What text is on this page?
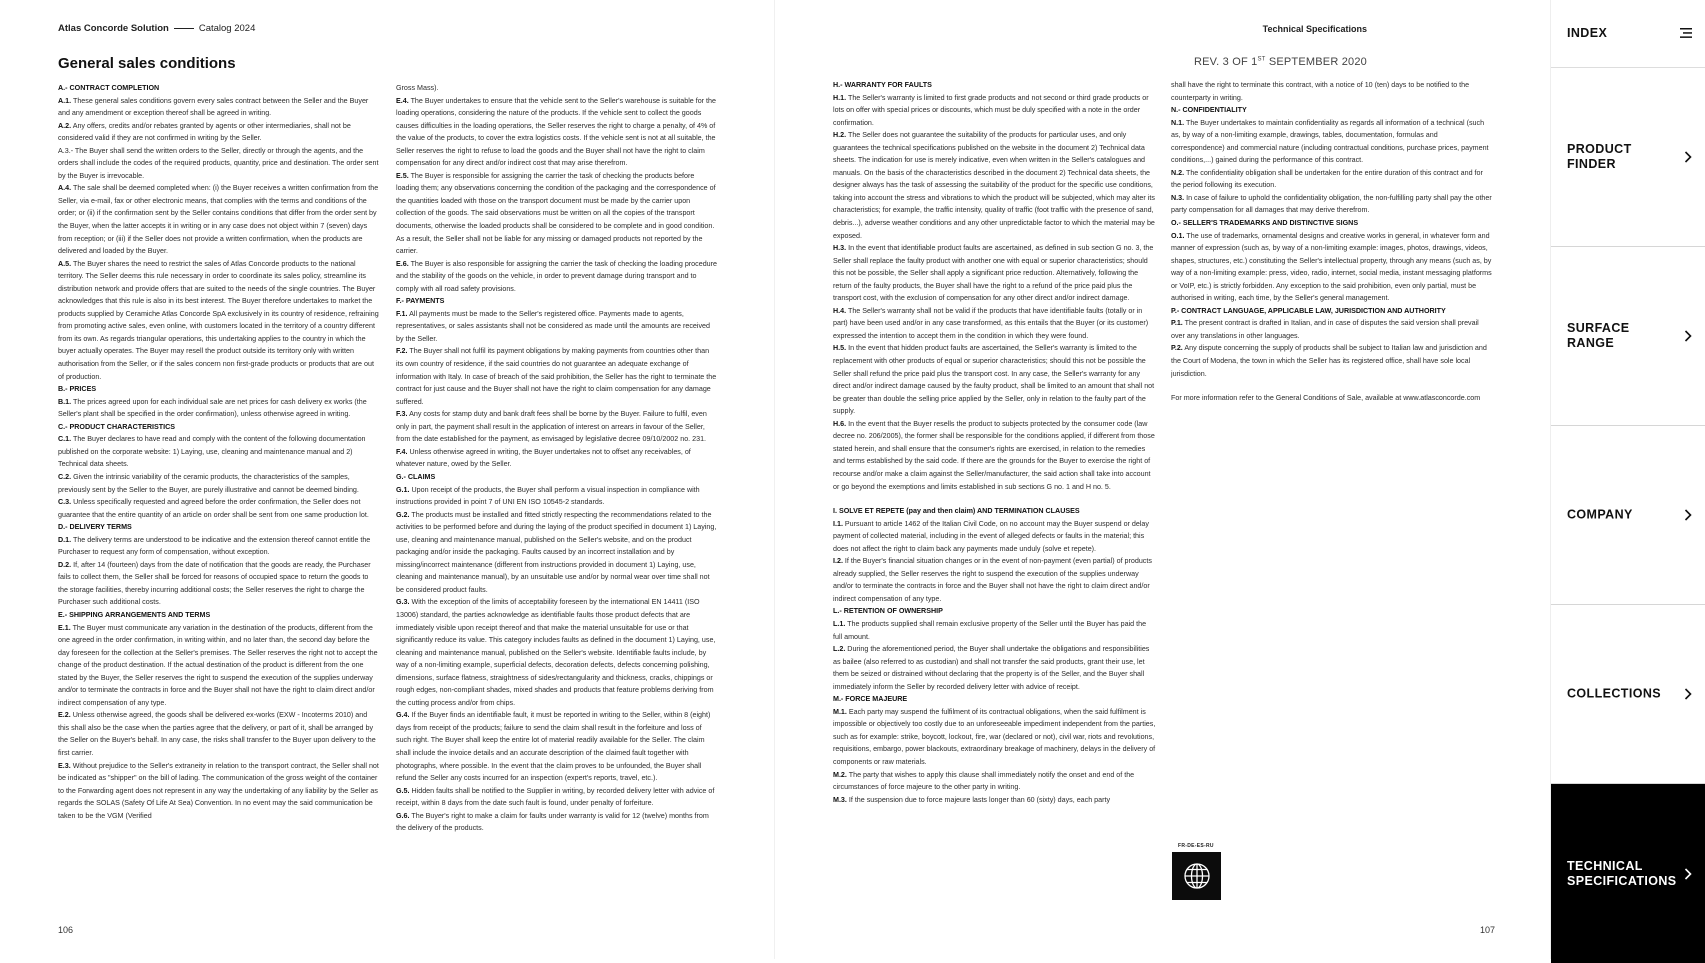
Atlas Concorde Solution	Catalog 2024
General sales conditions
A.- CONTRACT COMPLETION

A.1. These general sales conditions govern every sales contract between the Seller and the Buyer and any amendment or exception thereof shall be agreed in writing.

A.2. Any offers, credits and/or rebates granted by agents or other intermediaries, shall not be considered valid if they are not confirmed in writing by the Seller.

A.3.- The Buyer shall send the written orders to the Seller, directly or through the agents, and the orders shall include the codes of the required products, quantity, price and destination. The order sent by the Buyer is irrevocable.

A.4. The sale shall be deemed completed when: (i) the Buyer receives a written confirmation from the Seller, via e-mail, fax or other electronic means, that complies with the terms and conditions of the order; or (ii) if the confirmation sent by the Seller contains conditions that differ from the order sent by the Buyer, when the latter accepts it in writing or in any case does not object within 7 (seven) days from reception; or (iii) if the Seller does not provide a written confirmation, when the products are delivered and loaded by the Buyer.

A.5. The Buyer shares the need to restrict the sales of Atlas Concorde products to the national territory. The Seller deems this rule necessary in order to coordinate its sales policy, streamline its distribution network and provide offers that are suited to the needs of the single countries. The Buyer acknowledges that this rule is also in its best interest. The Buyer therefore undertakes to market the products supplied by Ceramiche Atlas Concorde SpA exclusively in its country of residence, refraining from promoting active sales, even online, with customers located in the territory of a country different from its own. As regards triangular operations, this undertaking applies to the country in which the buyer actually operates. The Buyer may resell the product outside its territory only with written authorisation from the Seller, or if the sales concern non first-grade products or products that are out of production.

B.- PRICES

B.1. The prices agreed upon for each individual sale are net prices for cash delivery ex works (the Seller's plant shall be specified in the order confirmation), unless otherwise agreed in writing.

C.- PRODUCT CHARACTERISTICS

C.1. The Buyer declares to have read and comply with the content of the following documentation published on the corporate website: 1) Laying, use, cleaning and maintenance manual and 2) Technical data sheets.

C.2. Given the intrinsic variability of the ceramic products, the characteristics of the samples, previously sent by the Seller to the Buyer, are purely illustrative and cannot be deemed binding.

C.3. Unless specifically requested and agreed before the order confirmation, the Seller does not guarantee that the entire quantity of an article on order shall be sent from one same production lot.

D.- DELIVERY TERMS

D.1. The delivery terms are understood to be indicative and the extension thereof cannot entitle the Purchaser to request any form of compensation, without exception.

D.2. If, after 14 (fourteen) days from the date of notification that the goods are ready, the Purchaser fails to collect them, the Seller shall be forced for reasons of occupied space to return the goods to the storage facilities, thereby incurring additional costs; the Seller reserves the right to charge the Purchaser such additional costs.

E.- SHIPPING ARRANGEMENTS AND TERMS

E.1. The Buyer must communicate any variation in the destination of the products, different from the one agreed in the order confirmation, in writing within, and no later than, the second day before the day foreseen for the collection at the Seller's premises. The Seller reserves the right not to accept the change of the product destination. If the actual destination of the product is different from the one stated by the Buyer, the Seller reserves the right to suspend the execution of the supplies underway and/or to terminate the contracts in force and the Buyer shall not have the right to claim direct and/or indirect compensation of any type.

E.2. Unless otherwise agreed, the goods shall be delivered ex-works (EXW - Incoterms 2010) and this shall also be the case when the parties agree that the delivery, or part of it, shall be arranged by the Seller on the Buyer's behalf. In any case, the risks shall transfer to the Buyer upon delivery to the first carrier.

E.3. Without prejudice to the Seller's extraneity in relation to the transport contract, the Seller shall not be indicated as "shipper" on the bill of lading. The communication of the gross weight of the container to the Forwarding agent does not represent in any way the undertaking of any liability by the Seller as regards the SOLAS (Safety Of Life At Sea) Convention. In no event may the said communication be taken to be the VGM (Verified

Gross Mass).

E.4. The Buyer undertakes to ensure that the vehicle sent to the Seller's warehouse is suitable for the loading operations, considering the nature of the products. If the vehicle sent to collect the goods causes difficulties in the loading operations, the Seller reserves the right to charge a penalty, of 4% of the value of the products, to cover the extra logistics costs. If the vehicle sent is not at all suitable, the Seller reserves the right to refuse to load the goods and the Buyer shall not have the right to claim compensation for any direct and/or indirect cost that may arise therefrom.

E.5. The Buyer is responsible for assigning the carrier the task of checking the products before loading them; any observations concerning the condition of the packaging and the correspondence of the quantities loaded with those on the transport document must be made by the carrier upon collection of the goods. The said observations must be written on all the copies of the transport documents, otherwise the loaded products shall be considered to be complete and in good condition. As a result, the Seller shall not be liable for any missing or damaged products not reported by the carrier.

E.6. The Buyer is also responsible for assigning the carrier the task of checking the loading procedure and the stability of the goods on the vehicle, in order to prevent damage during transport and to comply with all road safety provisions.

F.- PAYMENTS

F.1. All payments must be made to the Seller's registered office. Payments made to agents, representatives, or sales assistants shall not be considered as made until the amounts are received by the Seller.

F.2. The Buyer shall not fulfil its payment obligations by making payments from countries other than its own country of residence, if the said countries do not guarantee an adequate exchange of information with Italy. In case of breach of the said prohibition, the Seller has the right to terminate the contract for just cause and the Buyer shall not have the right to claim compensation for any damage suffered.

F.3. Any costs for stamp duty and bank draft fees shall be borne by the Buyer. Failure to fulfil, even only in part, the payment shall result in the application of interest on arrears in favour of the Seller, from the date established for the payment, as envisaged by legislative decree 09/10/2002 no. 231.

F.4. Unless otherwise agreed in writing, the Buyer undertakes not to offset any receivables, of whatever nature, owed by the Seller.

G.- CLAIMS

G.1. Upon receipt of the products, the Buyer shall perform a visual inspection in compliance with instructions provided in point 7 of UNI EN ISO 10545-2 standards.

G.2. The products must be installed and fitted strictly respecting the recommendations related to the activities to be performed before and during the laying of the product specified in document 1) Laying, use, cleaning and maintenance manual, published on the Seller's website, and on the product packaging and/or inside the packaging. Faults caused by an incorrect installation and by missing/incorrect maintenance (different from instructions provided in document 1) Laying, use, cleaning and maintenance manual), by an unsuitable use and/or by normal wear over time shall not be considered product faults.

G.3. With the exception of the limits of acceptability foreseen by the international EN 14411 (ISO 13006) standard, the parties acknowledge as identifiable faults those product defects that are immediately visible upon receipt thereof and that make the material unsuitable for use or that significantly reduce its value. This category includes faults as defined in the document 1) Laying, use, cleaning and maintenance manual, published on the Seller's website. Identifiable faults include, by way of a non-limiting example, superficial defects, decoration defects, defects concerning polishing, dimensions, surface flatness, straightness of sides/rectangularity and thickness, cracks, chippings or rough edges, non-compliant shades, mixed shades and products that feature problems deriving from the cutting process and/or from chips.

G.4. If the Buyer finds an identifiable fault, it must be reported in writing to the Seller, within 8 (eight) days from receipt of the products; failure to send the claim shall result in the forfeiture and loss of such right. The Buyer shall keep the entire lot of material readily available for the Seller. The claim shall include the invoice details and an accurate description of the claimed fault together with photographs, where possible. In the event that the claim proves to be unfounded, the Buyer shall refund the Seller any costs incurred for an inspection (expert's reports, travel, etc.).

G.5. Hidden faults shall be notified to the Supplier in writing, by recorded delivery letter with advice of receipt, within 8 days from the date such fault is found, under penalty of forfeiture.

G.6. The Buyer's right to make a claim for faults under warranty is valid for 12 (twelve) months from the delivery of the products.

106
Technical Specifications
REV. 3 OF 1ST SEPTEMBER 2020
H.- WARRANTY FOR FAULTS

H.1. The Seller's warranty is limited to first grade products and not second or third grade products or lots on offer with special prices or discounts, which must be duly specified with a note in the order confirmation.

H.2. The Seller does not guarantee the suitability of the products for particular uses, and only guarantees the technical specifications published on the website in the document 2) Technical data sheets. The indication for use is merely indicative, even when written in the Seller's catalogues and manuals. On the basis of the characteristics described in the document 2) Technical data sheets, the designer always has the task of assessing the suitability of the product for the specific use conditions, taking into account the stress and vibrations to which the product will be subjected, which may alter its characteristics; for example, the traffic intensity, quality of traffic (foot traffic with the presence of sand, debris...), adverse weather conditions and any other unpredictable factor to which the material may be exposed.

H.3. In the event that identifiable product faults are ascertained, as defined in sub section G no. 3, the Seller shall replace the faulty product with another one with equal or superior characteristics; should this not be possible, the Seller shall apply a significant price reduction. Alternatively, following the return of the faulty products, the Buyer shall have the right to a refund of the price paid plus the transport cost, with the exclusion of compensation for any other direct and/or indirect damage.

H.4. The Seller's warranty shall not be valid if the products that have identifiable faults (totally or in part) have been used and/or in any case transformed, as this entails that the Buyer (or its customer) expressed the intention to accept them in the condition in which they were found.

H.5. In the event that hidden product faults are ascertained, the Seller's warranty is limited to the replacement with other products of equal or superior characteristics; should this not be possible the Seller shall refund the price paid plus the transport cost. In any case, the Seller's warranty for any direct and/or indirect damage caused by the faulty product, shall be limited to an amount that shall not be greater than double the selling price applied by the Seller, only in relation to the faulty part of the supply.

H.6. In the event that the Buyer resells the product to subjects protected by the consumer code (law decree no. 206/2005), the former shall be responsible for the conditions applied, if different from those stated herein, and shall ensure that the consumer's rights are exercised, in relation to the remedies and terms established by the said code. If there are the grounds for the Buyer to exercise the right of recourse and/or make a claim against the Seller/manufacturer, the said action shall take into account or go beyond the exemptions and limits established in sub sections G no. 1 and H no. 5.

I. SOLVE ET REPETE (pay and then claim) AND TERMINATION CLAUSES

I.1. Pursuant to article 1462 of the Italian Civil Code, on no account may the Buyer suspend or delay payment of collected material, including in the event of alleged defects or faults in the material; this does not affect the right to claim back any payments made unduly (solve et repete).

I.2. If the Buyer's financial situation changes or in the event of non-payment (even partial) of products already supplied, the Seller reserves the right to suspend the execution of the supplies underway and/or to terminate the contracts in force and the Buyer shall not have the right to claim direct and/or indirect compensation of any type.

L.- RETENTION OF OWNERSHIP

L.1. The products supplied shall remain exclusive property of the Seller until the Buyer has paid the full amount.

L.2. During the aforementioned period, the Buyer shall undertake the obligations and responsibilities as bailee (also referred to as custodian) and shall not transfer the said products, grant their use, let them be seized or distrained without declaring that the property is of the Seller, and the Buyer shall immediately inform the Seller by recorded delivery letter with advice of receipt.

M.- FORCE MAJEURE

M.1. Each party may suspend the fulfilment of its contractual obligations, when the said fulfilment is impossible or objectively too costly due to an unforeseeable impediment independent from the parties, such as for example: strike, boycott, lockout, fire, war (declared or not), civil war, riots and revolutions, requisitions, embargo, power blackouts, extraordinary breakage of machinery, delays in the delivery of components or raw materials.

M.2. The party that wishes to apply this clause shall immediately notify the onset and end of the circumstances of force majeure to the other party in writing.

M.3. If the suspension due to force majeure lasts longer than 60 (sixty) days, each party

shall have the right to terminate this contract, with a notice of 10 (ten) days to be notified to the counterparty in writing.

N.- CONFIDENTIALITY

N.1. The Buyer undertakes to maintain confidentiality as regards all information of a technical (such as, by way of a non-limiting example, drawings, tables, documentation, formulas and correspondence) and commercial nature (including contractual conditions, purchase prices, payment conditions,...) gained during the performance of this contract.

N.2. The confidentiality obligation shall be undertaken for the entire duration of this contract and for the period following its execution.

N.3. In case of failure to uphold the confidentiality obligation, the non-fulfilling party shall pay the other party compensation for all damages that may derive therefrom.

O.- SELLER'S TRADEMARKS AND DISTINCTIVE SIGNS

O.1. The use of trademarks, ornamental designs and creative works in general, in whatever form and manner of expression (such as, by way of a non-limiting example: images, photos, drawings, videos, shapes, structures, etc.) constituting the Seller's intellectual property, through any means (such as, by way of a non-limiting example: press, video, radio, internet, social media, instant messaging platforms or VoIP, etc.) is strictly forbidden. Any exception to the said prohibition, even only partial, must be authorised in writing, each time, by the Seller's general management.

P.- CONTRACT LANGUAGE, APPLICABLE LAW, JURISDICTION AND AUTHORITY

P.1. The present contract is drafted in Italian, and in case of disputes the said version shall prevail over any translations in other languages.

P.2. Any dispute concerning the supply of products shall be subject to Italian law and jurisdiction and the Court of Modena, the town in which the Seller has its registered office, shall have sole local jurisdiction.

For more information refer to the General Conditions of Sale, available at www.atlasconcorde.com

FR-DE-ES-RU
107
INDEX
PRODUCT FINDER
SURFACE RANGE
COMPANY
COLLECTIONS
TECHNICAL SPECIFICATIONS
